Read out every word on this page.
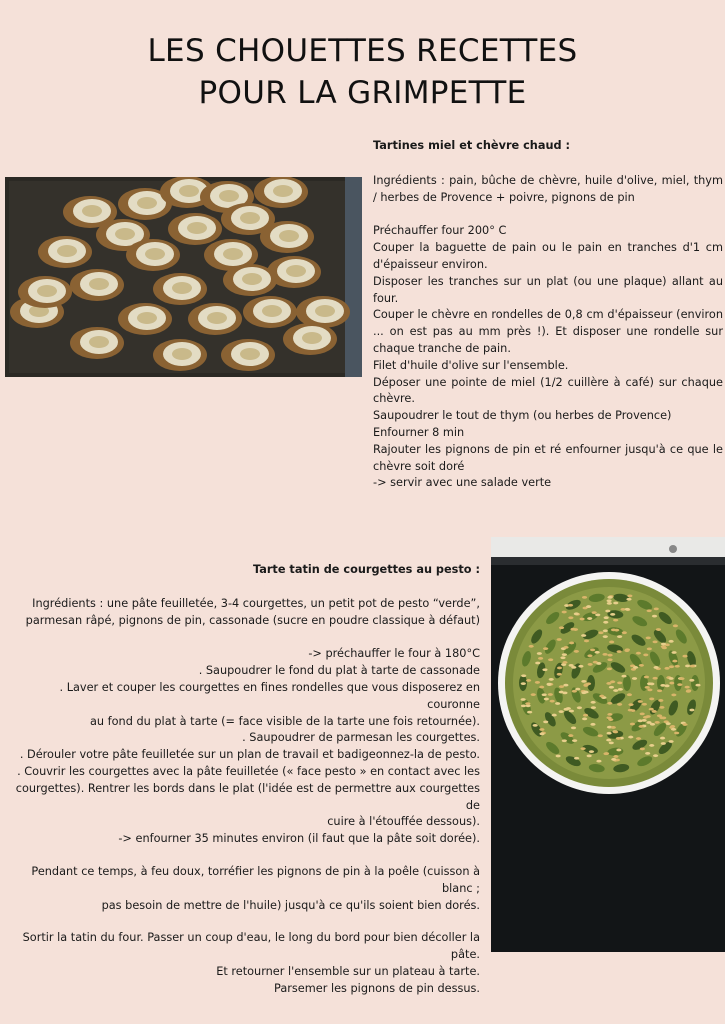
LES CHOUETTES RECETTES
POUR LA GRIMPETTE
Tartines miel et chèvre chaud :

Ingrédients : pain, bûche de chèvre, huile d'olive, miel, thym / herbes de Provence + poivre, pignons de pin

Préchauffer four 200° C

Couper la baguette de pain ou le pain en tranches d'1 cm d'épaisseur environ.

Disposer les tranches sur un plat (ou une plaque) allant au four.

Couper le chèvre en rondelles de 0,8 cm d'épaisseur (environ ... on est pas au mm près !). Et disposer une rondelle sur chaque tranche de pain.

Filet d'huile d'olive sur l'ensemble.

Déposer une pointe de miel (1/2 cuillère à café) sur chaque chèvre.

Saupoudrer le tout de thym (ou herbes de Provence)

Enfourner 8 min

Rajouter les pignons de pin et ré enfourner jusqu'à ce que le chèvre soit doré

-> servir avec une salade verte

Tarte tatin de courgettes au pesto :

Ingrédients : une pâte feuilletée, 3-4 courgettes, un petit pot de pesto “verde”,

parmesan râpé, pignons de pin, cassonade (sucre en poudre classique à défaut)

-> préchauffer le four à 180°C

. Saupoudrer le fond du plat à tarte de cassonade

. Laver et couper les courgettes en fines rondelles que vous disposerez en couronne

au fond du plat à tarte (= face visible de la tarte une fois retournée).

. Saupoudrer de parmesan les courgettes.

. Dérouler votre pâte feuilletée sur un plan de travail et badigeonnez-la de pesto.

. Couvrir les courgettes avec la pâte feuilletée (« face pesto » en contact avec les

courgettes). Rentrer les bords dans le plat (l'idée est de permettre aux courgettes de

cuire à l'étouffée dessous).

-> enfourner 35 minutes environ (il faut que la pâte soit dorée).

Pendant ce temps, à feu doux, torréfier les pignons de pin à la poêle (cuisson à blanc ;

pas besoin de mettre de l'huile) jusqu'à ce qu'ils soient bien dorés.

Sortir la tatin du four. Passer un coup d'eau, le long du bord pour bien décoller la pâte.

Et retourner l'ensemble sur un plateau à tarte.

Parsemer les pignons de pin dessus.
